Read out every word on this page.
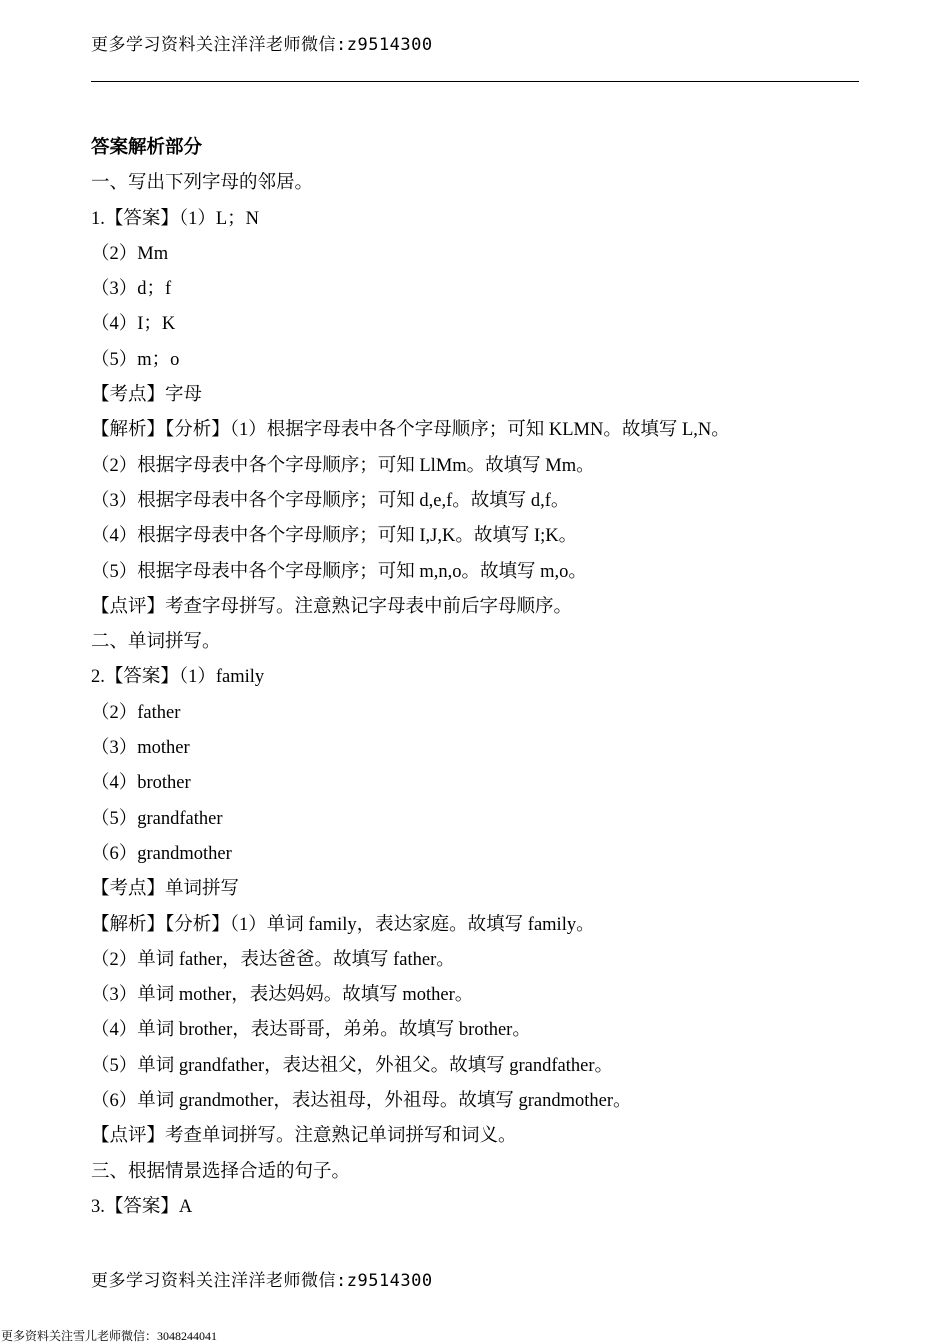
更多学习资料关注洋洋老师微信:z9514300
答案解析部分
一、写出下列字母的邻居。
1.【答案】（1）L；N
（2）Mm
（3）d；f
（4）I；K
（5）m；o
【考点】字母
【解析】【分析】（1）根据字母表中各个字母顺序；可知 KLMN。故填写 L,N。
（2）根据字母表中各个字母顺序；可知 LlMm。故填写 Mm。
（3）根据字母表中各个字母顺序；可知 d,e,f。故填写 d,f。
（4）根据字母表中各个字母顺序；可知 I,J,K。故填写 I;K。
（5）根据字母表中各个字母顺序；可知 m,n,o。故填写 m,o。
【点评】考查字母拼写。注意熟记字母表中前后字母顺序。
二、单词拼写。
2.【答案】（1）family
（2）father
（3）mother
（4）brother
（5）grandfather
（6）grandmother
【考点】单词拼写
【解析】【分析】（1）单词 family，表达家庭。故填写 family。
（2）单词 father，表达爸爸。故填写 father。
（3）单词 mother，表达妈妈。故填写 mother。
（4）单词 brother，表达哥哥，弟弟。故填写 brother。
（5）单词 grandfather，表达祖父，外祖父。故填写 grandfather。
（6）单词 grandmother，表达祖母，外祖母。故填写 grandmother。
【点评】考查单词拼写。注意熟记单词拼写和词义。
三、根据情景选择合适的句子。
3.【答案】A
更多学习资料关注洋洋老师微信:z9514300
更多资料关注雪儿老师微信：3048244041
